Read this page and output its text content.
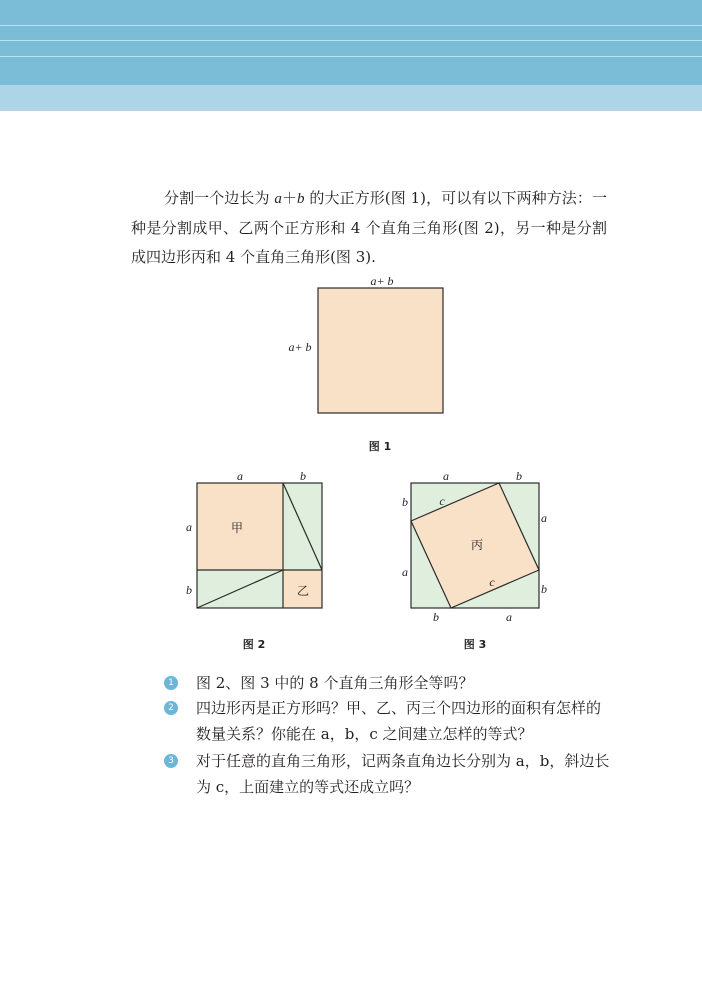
分割一个边长为 a＋b 的大正方形(图 1)，可以有以下两种方法：一种是分割成甲、乙两个正方形和 4 个直角三角形(图 2)，另一种是分割成四边形丙和 4 个直角三角形(图 3).
a+ b
a+ b
图 1
a	b
a
b
甲
乙
图 2
a	b
b	c
a
a
c	b
b	a
丙
图 3
1 图 2、图 3 中的 8 个直角三角形全等吗？
2 四边形丙是正方形吗？甲、乙、丙三个四边形的面积有怎样的数量关系？你能在 a，b，c 之间建立怎样的等式？
3 对于任意的直角三角形，记两条直角边长分别为 a，b，斜边长为 c，上面建立的等式还成立吗？
